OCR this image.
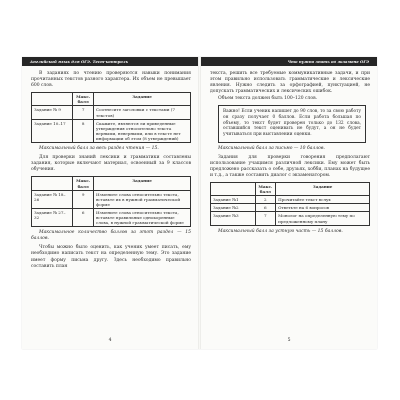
Английский язык для ОГЭ. Тест-контроль

В заданиях по чтению проверяются навыки понимания прочитанных текстов разного характера. Их объем не превышает 600 слов.

	Макс. балл	Задание
Задание № 9	7	Соотнесите заголовки с текстами (7 текстов)
Задание 10–17	8	Скажите, являются ли приведенные утверждения относительно текста верными, неверными, или в тексте нет информации об этом (8 утверждений)

Максимальный балл за весь раздел чтения — 15.

Для проверки знаний лексики и грамматики составлены задания, которые включают материал, освоенный за 9 классов обучения.

	Макс. балл	Задание
Задание № 18–26	9	Измените слова относительно текста, вставьте их в нужной грамматической форме
Задание № 27–32	6	Измените слова относительно текста, вставьте правильные однокоренные слова, в нужной грамматической форме

Максимальное количество баллов за этот раздел — 15 баллов.

Чтобы можно было оценить, как ученик умеет писать, ему необходимо написать текст на определенную тему. Это задание имеет форму письма другу. Здесь необходимо правильно составить план

4
Что нужно знать об экзамене ОГЭ

текста, решить все требуемые коммуникативные задачи, и при этом правильно использовать грамматические и лексические явления. Нужно следить за орфографией, пунктуацией, не допускать грамматических и лексических ошибок.

Объем текста должен быть 100–120 слов.

Важно! Если ученик напишет до 90 слов, то за свою работу он сразу получает 0 баллов. Если работа большая по объему, то текст будет проверен только до 132 слова, оставшийся текст оценивать не будут, а он не будет учитываться при выставлении оценки.

Максимальный балл за письмо — 10 баллов.

Задания для проверки говорения предполагают использование учащимся различной лексики. Ему может быть предложено рассказать о себе, друзьях, хобби, планах на будущее и т.д., а также составить диалог с экзаменатором.

	Макс. балл	Задание
Задание №1	2	Прочитайте текст вслух
Задание №2	6	Ответьте на 6 вопросов
Задание №3	7	Монолог на определенную тему по предложенному плану

Максимальный балл за устную часть — 15 баллов.

5
